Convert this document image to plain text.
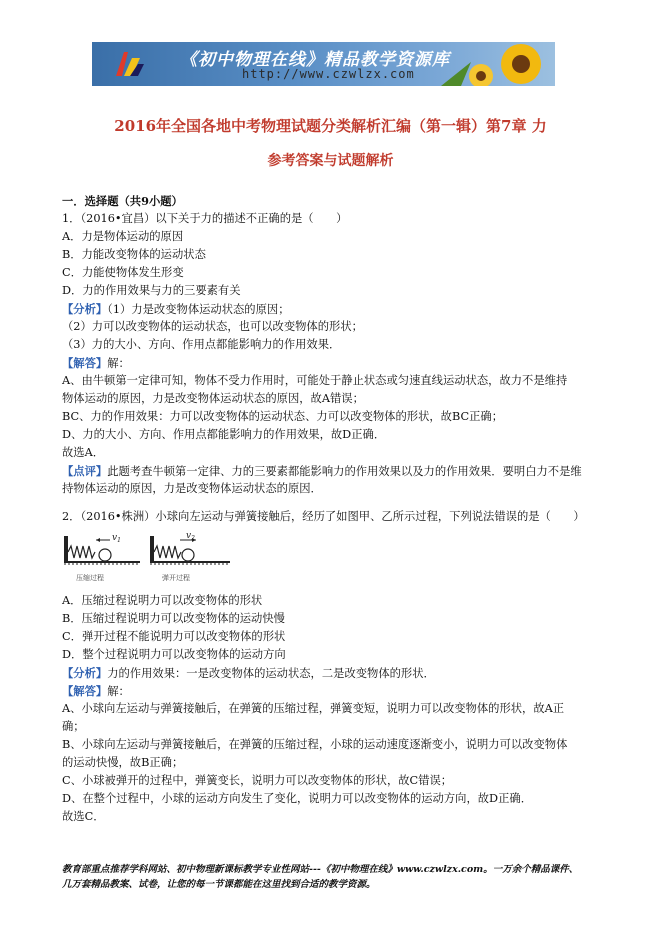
《初中物理在线》精品教学资源库
http://www.czwlzx.com
2016年全国各地中考物理试题分类解析汇编（第一辑）第7章 力
参考答案与试题解析
一．选择题（共9小题）
1．（2016•宜昌）以下关于力的描述不正确的是（　　）
A．力是物体运动的原因
B．力能改变物体的运动状态
C．力能使物体发生形变
D．力的作用效果与力的三要素有关
【分析】（1）力是改变物体运动状态的原因；
（2）力可以改变物体的运动状态，也可以改变物体的形状；
（3）力的大小、方向、作用点都能影响力的作用效果．
【解答】解：
A、由牛顿第一定律可知，物体不受力作用时，可能处于静止状态或匀速直线运动状态，故力不是维持
物体运动的原因，力是改变物体运动状态的原因，故A错误；
BC、力的作用效果：力可以改变物体的运动状态、力可以改变物体的形状，故BC正确；
D、力的大小、方向、作用点都能影响力的作用效果，故D正确．
故选A．
【点评】此题考查牛顿第一定律、力的三要素都能影响力的作用效果以及力的作用效果．要明白力不是维
持物体运动的原因，力是改变物体运动状态的原因．
2．（2016•株洲）小球向左运动与弹簧接触后，经历了如图甲、乙所示过程，下列说法错误的是（　　）
$v_1$
压缩过程
$v_2$
弹开过程
A．压缩过程说明力可以改变物体的形状
B．压缩过程说明力可以改变物体的运动快慢
C．弹开过程不能说明力可以改变物体的形状
D．整个过程说明力可以改变物体的运动方向
【分析】力的作用效果：一是改变物体的运动状态，二是改变物体的形状．
【解答】解：
A、小球向左运动与弹簧接触后，在弹簧的压缩过程，弹簧变短，说明力可以改变物体的形状，故A正
确；
B、小球向左运动与弹簧接触后，在弹簧的压缩过程，小球的运动速度逐渐变小，说明力可以改变物体
的运动快慢，故B正确；
C、小球被弹开的过程中，弹簧变长，说明力可以改变物体的形状，故C错误；
D、在整个过程中，小球的运动方向发生了变化，说明力可以改变物体的运动方向，故D正确．
故选C．
教育部重点推荐学科网站、初中物理新课标教学专业性网站---《初中物理在线》www.czwlzx.com。一万余个精品课件、
几万套精品教案、试卷，让您的每一节课都能在这里找到合适的教学资源。
